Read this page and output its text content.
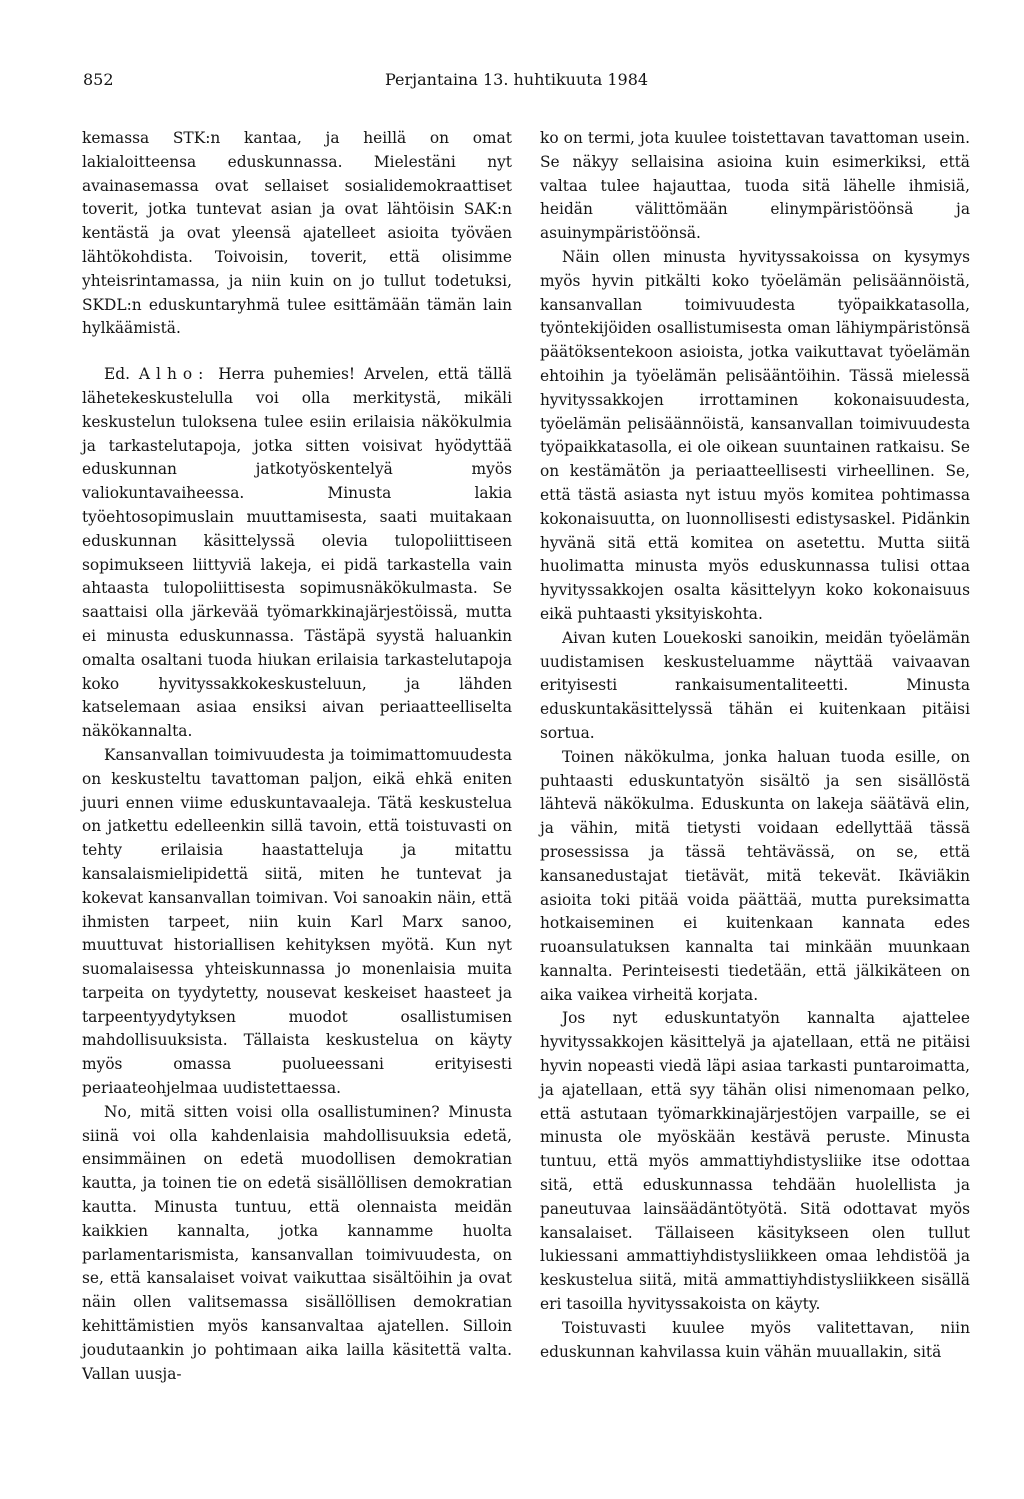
852	Perjantaina 13. huhtikuuta 1984

kemassa STK:n kantaa, ja heillä on omat lakialoitteensa eduskunnassa. Mielestäni nyt avainasemassa ovat sellaiset sosialidemokraattiset toverit, jotka tuntevat asian ja ovat lähtöisin SAK:n kentästä ja ovat yleensä ajatelleet asioita työväen lähtökohdista. Toivoisin, toverit, että olisimme yhteisrintamassa, ja niin kuin on jo tullut todetuksi, SKDL:n eduskuntaryhmä tulee esittämään tämän lain hylkäämistä.

Ed. Alho: Herra puhemies! Arvelen, että tällä lähetekeskustelulla voi olla merkitystä, mikäli keskustelun tuloksena tulee esiin erilaisia näkökulmia ja tarkastelutapoja, jotka sitten voisivat hyödyttää eduskunnan jatkotyöskentelyä myös valiokuntavaiheessa. Minusta lakia työehtosopimuslain muuttamisesta, saati muitakaan eduskunnan käsittelyssä olevia tulopoliittiseen sopimukseen liittyviä lakeja, ei pidä tarkastella vain ahtaasta tulopoliittisesta sopimusnäkökulmasta. Se saattaisi olla järkevää työmarkkinajärjestöissä, mutta ei minusta eduskunnassa. Tästäpä syystä haluankin omalta osaltani tuoda hiukan erilaisia tarkastelutapoja koko hyvityssakkokeskusteluun, ja lähden katselemaan asiaa ensiksi aivan periaatteelliselta näkökannalta.

Kansanvallan toimivuudesta ja toimimattomuudesta on keskusteltu tavattoman paljon, eikä ehkä eniten juuri ennen viime eduskuntavaaleja. Tätä keskustelua on jatkettu edelleenkin sillä tavoin, että toistuvasti on tehty erilaisia haastatteluja ja mitattu kansalaismielipidettä siitä, miten he tuntevat ja kokevat kansanvallan toimivan. Voi sanoakin näin, että ihmisten tarpeet, niin kuin Karl Marx sanoo, muuttuvat historiallisen kehityksen myötä. Kun nyt suomalaisessa yhteiskunnassa jo monenlaisia muita tarpeita on tyydytetty, nousevat keskeiset haasteet ja tarpeentyydytyksen muodot osallistumisen mahdollisuuksista. Tällaista keskustelua on käyty myös omassa puolueessani erityisesti periaateohjelmaa uudistettaessa.

No, mitä sitten voisi olla osallistuminen? Minusta siinä voi olla kahdenlaisia mahdollisuuksia edetä, ensimmäinen on edetä muodollisen demokratian kautta, ja toinen tie on edetä sisällöllisen demokratian kautta. Minusta tuntuu, että olennaista meidän kaikkien kannalta, jotka kannamme huolta parlamentarismista, kansanvallan toimivuudesta, on se, että kansalaiset voivat vaikuttaa sisältöihin ja ovat näin ollen valitsemassa sisällöllisen demokratian kehittämistien myös kansanvaltaa ajatellen. Silloin joudutaankin jo pohtimaan aika lailla käsitettä valta. Vallan uusja-

ko on termi, jota kuulee toistettavan tavattoman usein. Se näkyy sellaisina asioina kuin esimerkiksi, että valtaa tulee hajauttaa, tuoda sitä lähelle ihmisiä, heidän välittömään elinympäristöönsä ja asuinympäristöönsä.

Näin ollen minusta hyvityssakoissa on kysymys myös hyvin pitkälti koko työelämän pelisäännöistä, kansanvallan toimivuudesta työpaikkatasolla, työntekijöiden osallistumisesta oman lähiympäristönsä päätöksentekoon asioista, jotka vaikuttavat työelämän ehtoihin ja työelämän pelisääntöihin. Tässä mielessä hyvityssakkojen irrottaminen kokonaisuudesta, työelämän pelisäännöistä, kansanvallan toimivuudesta työpaikkatasolla, ei ole oikean suuntainen ratkaisu. Se on kestämätön ja periaatteellisesti virheellinen. Se, että tästä asiasta nyt istuu myös komitea pohtimassa kokonaisuutta, on luonnollisesti edistysaskel. Pidänkin hyvänä sitä että komitea on asetettu. Mutta siitä huolimatta minusta myös eduskunnassa tulisi ottaa hyvityssakkojen osalta käsittelyyn koko kokonaisuus eikä puhtaasti yksityiskohta.

Aivan kuten Louekoski sanoikin, meidän työelämän uudistamisen keskusteluamme näyttää vaivaavan erityisesti rankaisumentaliteetti. Minusta eduskuntakäsittelyssä tähän ei kuitenkaan pitäisi sortua.

Toinen näkökulma, jonka haluan tuoda esille, on puhtaasti eduskuntatyön sisältö ja sen sisällöstä lähtevä näkökulma. Eduskunta on lakeja säätävä elin, ja vähin, mitä tietysti voidaan edellyttää tässä prosessissa ja tässä tehtävässä, on se, että kansanedustajat tietävät, mitä tekevät. Ikäviäkin asioita toki pitää voida päättää, mutta pureksimatta hotkaiseminen ei kuitenkaan kannata edes ruoansulatuksen kannalta tai minkään muunkaan kannalta. Perinteisesti tiedetään, että jälkikäteen on aika vaikea virheitä korjata.

Jos nyt eduskuntatyön kannalta ajattelee hyvityssakkojen käsittelyä ja ajatellaan, että ne pitäisi hyvin nopeasti viedä läpi asiaa tarkasti puntaroimatta, ja ajatellaan, että syy tähän olisi nimenomaan pelko, että astutaan työmarkkinajärjestöjen varpaille, se ei minusta ole myöskään kestävä peruste. Minusta tuntuu, että myös ammattiyhdistysliike itse odottaa sitä, että eduskunnassa tehdään huolellista ja paneutuvaa lainsäädäntötyötä. Sitä odottavat myös kansalaiset. Tällaiseen käsitykseen olen tullut lukiessani ammattiyhdistysliikkeen omaa lehdistöä ja keskustelua siitä, mitä ammattiyhdistysliikkeen sisällä eri tasoilla hyvityssakoista on käyty.

Toistuvasti kuulee myös valitettavan, niin eduskunnan kahvilassa kuin vähän muuallakin, sitä
